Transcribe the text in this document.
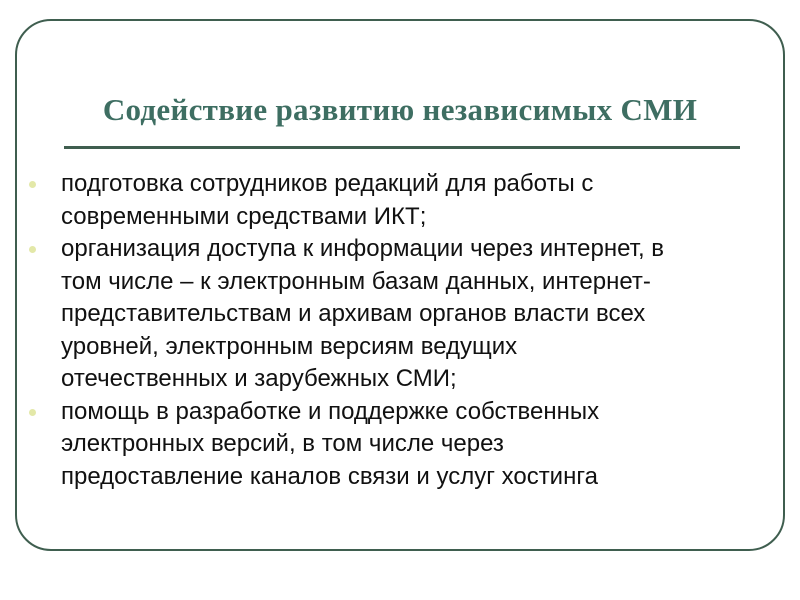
Содействие развитию независимых СМИ
подготовка сотрудников редакций для работы с
современными средствами ИКТ;
организация доступа к информации через интернет, в
том числе – к электронным базам данных, интернет-
представительствам и архивам органов власти всех
уровней, электронным версиям ведущих
отечественных и зарубежных СМИ;
помощь в разработке и поддержке собственных
электронных версий, в том числе через
предоставление каналов связи и услуг хостинга
